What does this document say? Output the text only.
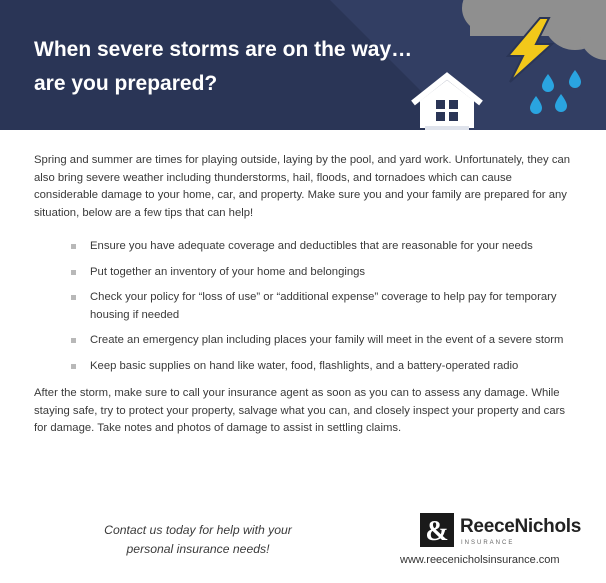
When severe storms are on the way…
are you prepared?

Spring and summer are times for playing outside, laying by the pool, and yard work. Unfortunately, they can also bring severe weather including thunderstorms, hail, floods, and tornadoes which can cause considerable damage to your home, car, and property. Make sure you and your family are prepared for any situation, below are a few tips that can help!

Ensure you have adequate coverage and deductibles that are reasonable for your needs
Put together an inventory of your home and belongings
Check your policy for “loss of use” or “additional expense” coverage to help pay for temporary housing if needed
Create an emergency plan including places your family will meet in the event of a severe storm
Keep basic supplies on hand like water, food, flashlights, and a battery-operated radio

After the storm, make sure to call your insurance agent as soon as you can to assess any damage. While staying safe, try to protect your property, salvage what you can, and closely inspect your property and cars for damage. Take notes and photos of damage to assist in settling claims.

Contact us today for help with your
personal insurance needs!
& ReeceNichols
INSURANCE
www.reecenicholsinsurance.com
